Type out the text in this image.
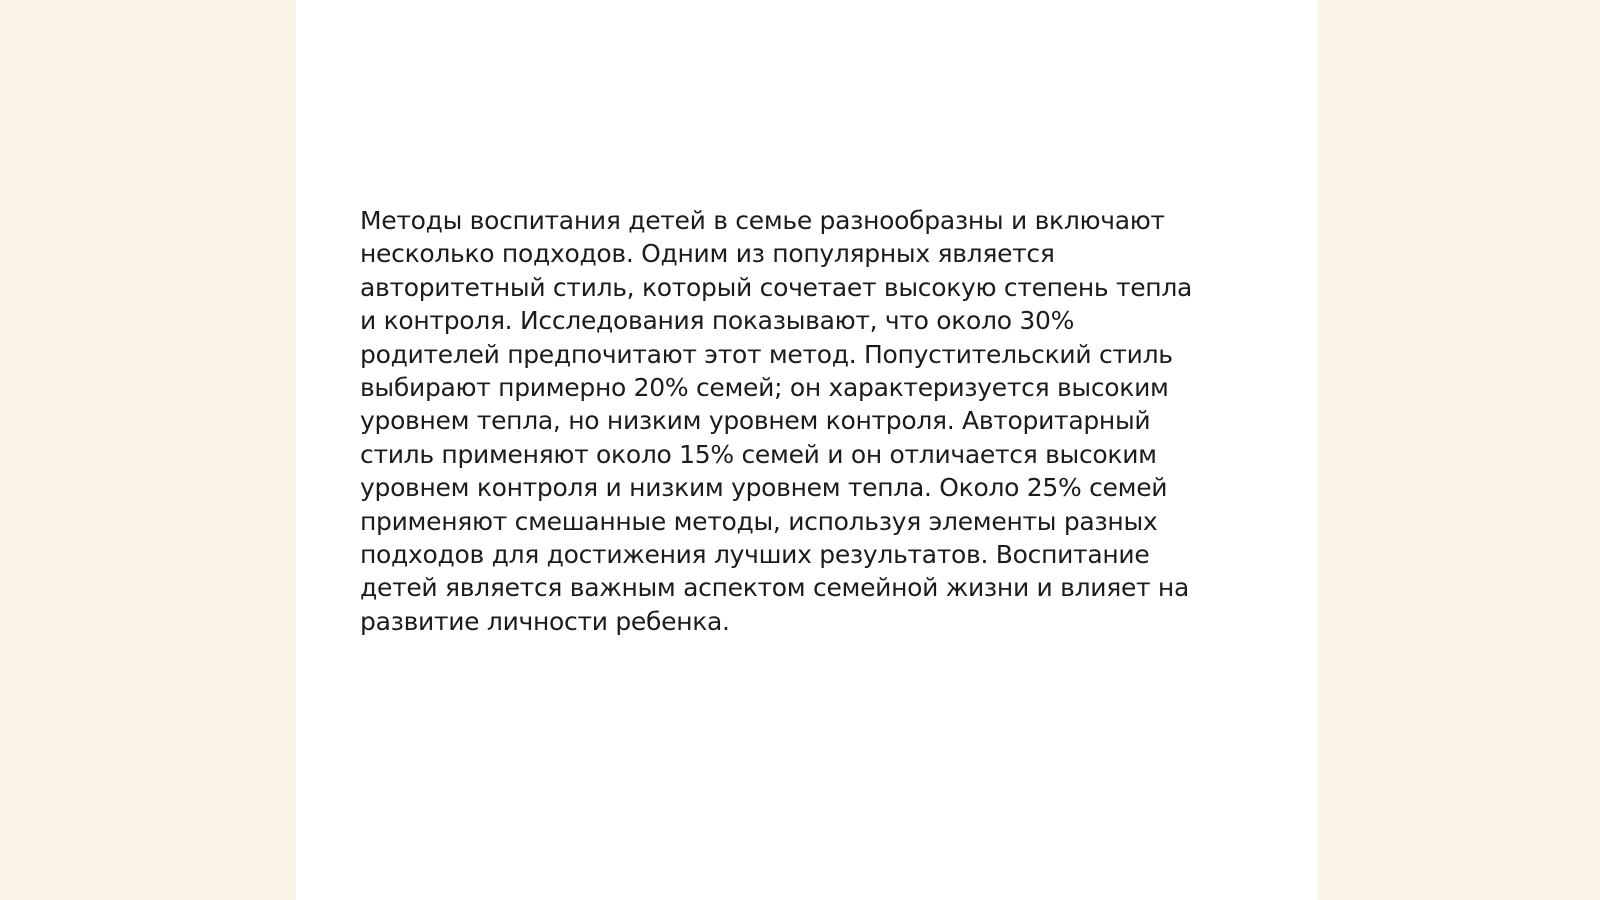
Методы воспитания детей в семье разнообразны и включают
несколько подходов. Одним из популярных является
авторитетный стиль, который сочетает высокую степень тепла
и контроля. Исследования показывают, что около 30%
родителей предпочитают этот метод. Попустительский стиль
выбирают примерно 20% семей; он характеризуется высоким
уровнем тепла, но низким уровнем контроля. Авторитарный
стиль применяют около 15% семей и он отличается высоким
уровнем контроля и низким уровнем тепла. Около 25% семей
применяют смешанные методы, используя элементы разных
подходов для достижения лучших результатов. Воспитание
детей является важным аспектом семейной жизни и влияет на
развитие личности ребенка.
